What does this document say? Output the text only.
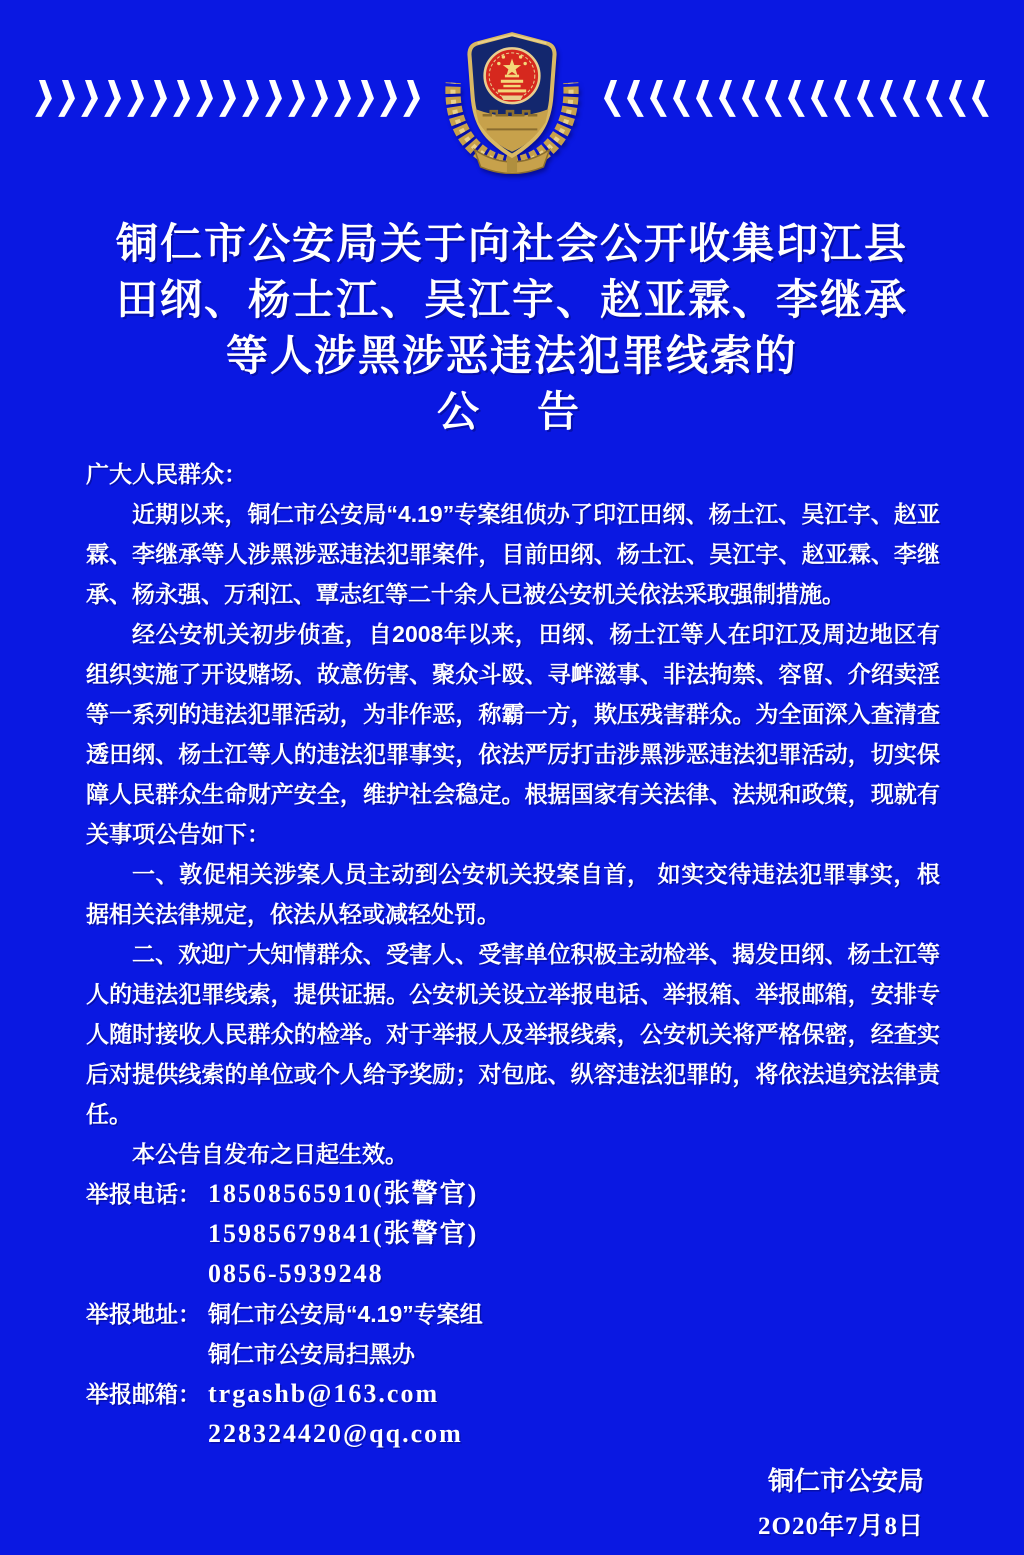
铜仁市公安局关于向社会公开收集印江县
田纲、杨士江、吴江宇、赵亚霖、李继承
等人涉黑涉恶违法犯罪线索的
公　告

广大人民群众：

近期以来，铜仁市公安局“4.19”专案组侦办了印江田纲、杨士江、吴江宇、赵亚霖、李继承等人涉黑涉恶违法犯罪案件，目前田纲、杨士江、吴江宇、赵亚霖、李继承、杨永强、万利江、覃志红等二十余人已被公安机关依法采取强制措施。

经公安机关初步侦查，自2008年以来，田纲、杨士江等人在印江及周边地区有组织实施了开设赌场、故意伤害、聚众斗殴、寻衅滋事、非法拘禁、容留、介绍卖淫等一系列的违法犯罪活动，为非作恶，称霸一方，欺压残害群众。为全面深入查清查透田纲、杨士江等人的违法犯罪事实，依法严厉打击涉黑涉恶违法犯罪活动，切实保障人民群众生命财产安全，维护社会稳定。根据国家有关法律、法规和政策，现就有关事项公告如下：

一、敦促相关涉案人员主动到公安机关投案自首， 如实交待违法犯罪事实，根据相关法律规定，依法从轻或减轻处罚。

二、欢迎广大知情群众、受害人、受害单位积极主动检举、揭发田纲、杨士江等人的违法犯罪线索，提供证据。公安机关设立举报电话、举报箱、举报邮箱，安排专人随时接收人民群众的检举。对于举报人及举报线索，公安机关将严格保密，经查实后对提供线索的单位或个人给予奖励；对包庇、纵容违法犯罪的，将依法追究法律责任。

本公告自发布之日起生效。

举报电话： 18508565910(张警官)
15985679841(张警官)
0856-5939248
举报地址： 铜仁市公安局“4.19”专案组
铜仁市公安局扫黑办
举报邮箱： trgashb@163.com
228324420@qq.com
铜仁市公安局
2O20年7月8日
